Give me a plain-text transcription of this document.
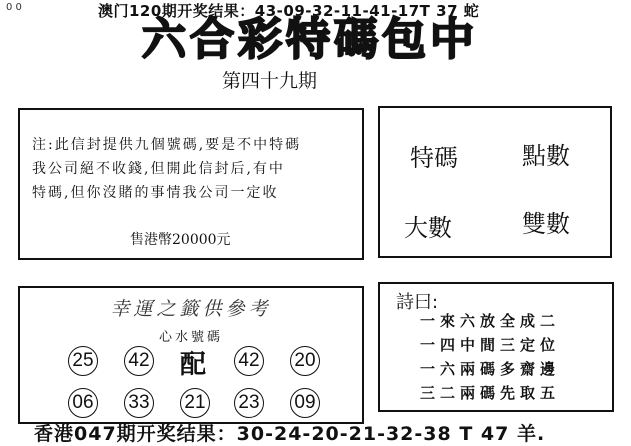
0 0	澳门120期开奖结果：43-09-32-11-41-17T 37 蛇
六合彩特碼包中
第四十九期
注:此信封提供九個號碼,要是不中特碼
我公司絕不收錢,但開此信封后,有中
特碼,但你沒賭的事情我公司一定收
售港幣20000元
特碼	點數
大數	雙數
幸運之籤供參考
心水號碼
25 42 配 42 20
06 33 21 23 09
詩曰:
一來六放全成二
一四中間三定位
一六兩碼多齋邊
三二兩碼先取五
香港047期开奖结果：30-24-20-21-32-38 T 47 羊.
